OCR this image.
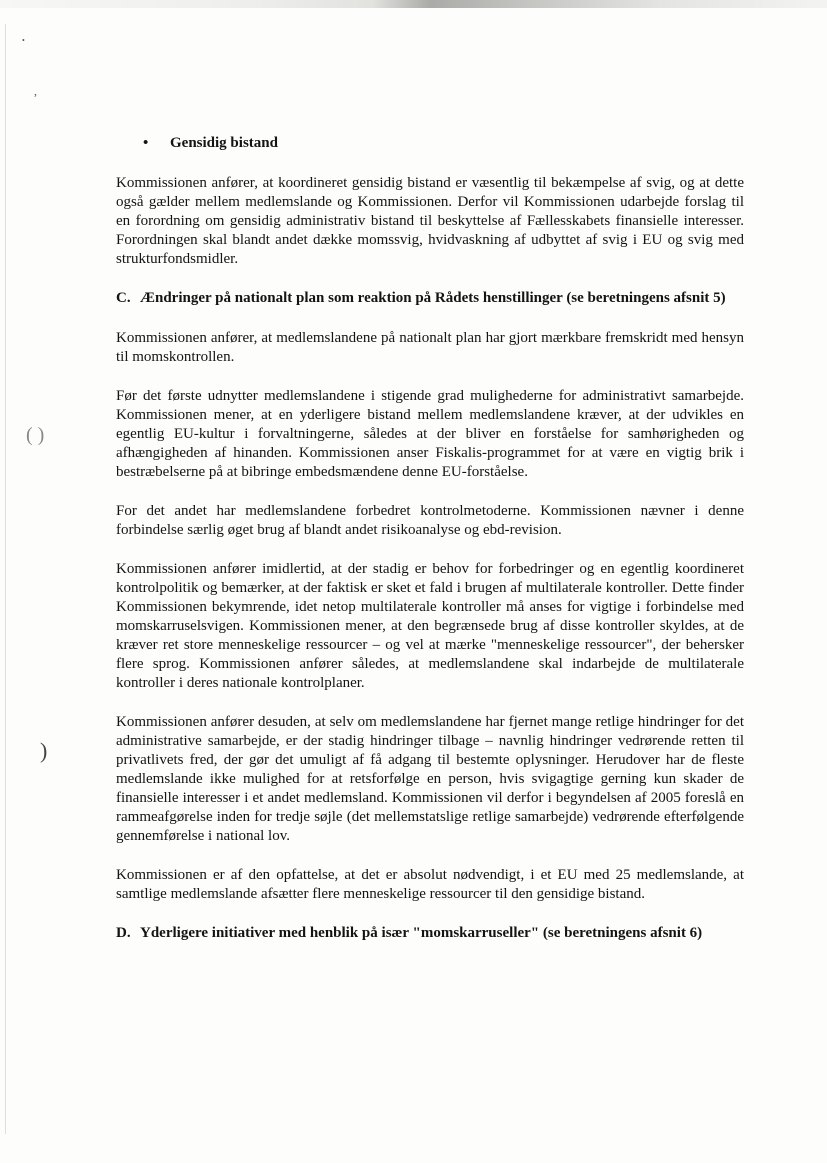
•
,
( )
)
• Gensidig bistand

Kommissionen anfører, at koordineret gensidig bistand er væsentlig til bekæmpelse af svig, og at dette også gælder mellem medlemslande og Kommissionen. Derfor vil Kommissionen udarbejde forslag til en forordning om gensidig administrativ bistand til beskyttelse af Fællesskabets finansielle interesser. Forordningen skal blandt andet dække momssvig, hvidvaskning af udbyttet af svig i EU og svig med strukturfondsmidler.

C. Ændringer på nationalt plan som reaktion på Rådets henstillinger (se beretningens afsnit 5)

Kommissionen anfører, at medlemslandene på nationalt plan har gjort mærkbare fremskridt med hensyn til momskontrollen.

Før det første udnytter medlemslandene i stigende grad mulighederne for administrativt samarbejde. Kommissionen mener, at en yderligere bistand mellem medlemslandene kræver, at der udvikles en egentlig EU-kultur i forvaltningerne, således at der bliver en forståelse for samhørigheden og afhængigheden af hinanden. Kommissionen anser Fiskalis-programmet for at være en vigtig brik i bestræbelserne på at bibringe embedsmændene denne EU-forståelse.

For det andet har medlemslandene forbedret kontrolmetoderne. Kommissionen nævner i denne forbindelse særlig øget brug af blandt andet risikoanalyse og ebd-revision.

Kommissionen anfører imidlertid, at der stadig er behov for forbedringer og en egentlig koordineret kontrolpolitik og bemærker, at der faktisk er sket et fald i brugen af multilaterale kontroller. Dette finder Kommissionen bekymrende, idet netop multilaterale kontroller må anses for vigtige i forbindelse med momskarruselsvigen. Kommissionen mener, at den begrænsede brug af disse kontroller skyldes, at de kræver ret store menneskelige ressourcer – og vel at mærke "menneskelige ressourcer", der behersker flere sprog. Kommissionen anfører således, at medlemslandene skal indarbejde de multilaterale kontroller i deres nationale kontrolplaner.

Kommissionen anfører desuden, at selv om medlemslandene har fjernet mange retlige hindringer for det administrative samarbejde, er der stadig hindringer tilbage – navnlig hindringer vedrørende retten til privatlivets fred, der gør det umuligt af få adgang til bestemte oplysninger. Herudover har de fleste medlemslande ikke mulighed for at retsforfølge en person, hvis svigagtige gerning kun skader de finansielle interesser i et andet medlemsland. Kommissionen vil derfor i begyndelsen af 2005 foreslå en rammeafgørelse inden for tredje søjle (det mellemstatslige retlige samarbejde) vedrørende efterfølgende gennemførelse i national lov.

Kommissionen er af den opfattelse, at det er absolut nødvendigt, i et EU med 25 medlemslande, at samtlige medlemslande afsætter flere menneskelige ressourcer til den gensidige bistand.

D. Yderligere initiativer med henblik på især "momskarruseller" (se beretningens afsnit 6)
